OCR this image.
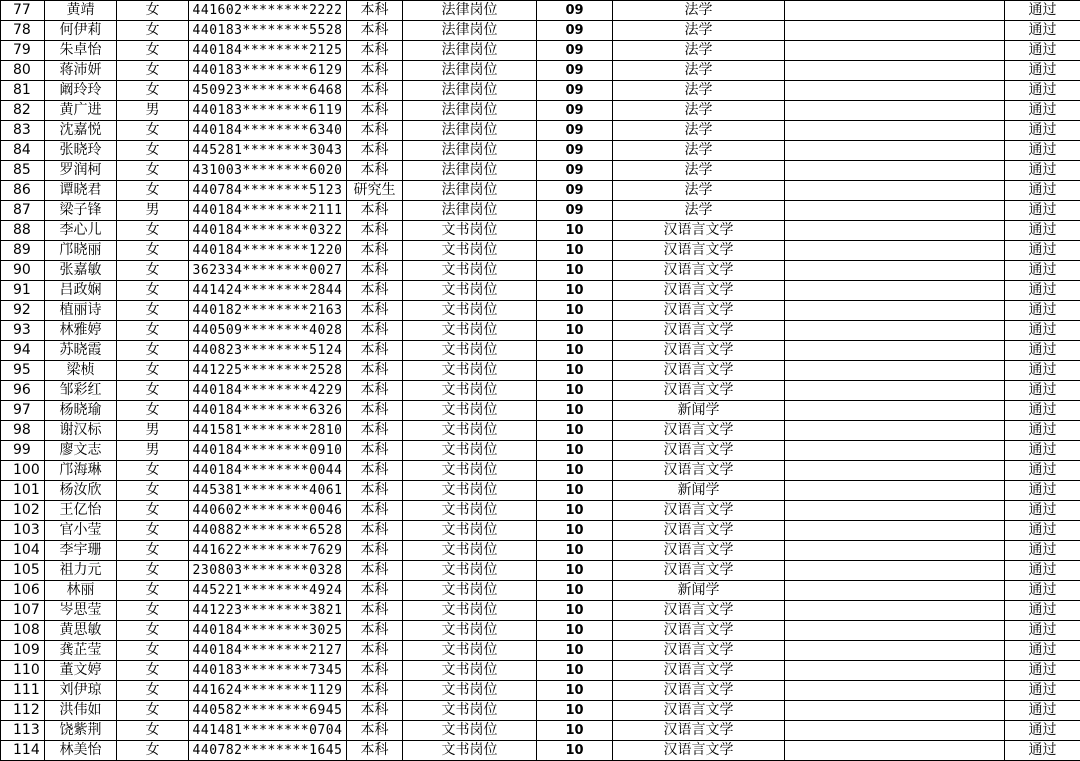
77	黄靖	女	441602********2222	本科	法律岗位	09	法学		通过
78	何伊莉	女	440183********5528	本科	法律岗位	09	法学		通过
79	朱卓怡	女	440184********2125	本科	法律岗位	09	法学		通过
80	蒋沛妍	女	440183********6129	本科	法律岗位	09	法学		通过
81	阚玲玲	女	450923********6468	本科	法律岗位	09	法学		通过
82	黄广进	男	440183********6119	本科	法律岗位	09	法学		通过
83	沈嘉悦	女	440184********6340	本科	法律岗位	09	法学		通过
84	张晓玲	女	445281********3043	本科	法律岗位	09	法学		通过
85	罗润柯	女	431003********6020	本科	法律岗位	09	法学		通过
86	谭晓君	女	440784********5123	研究生	法律岗位	09	法学		通过
87	梁子锋	男	440184********2111	本科	法律岗位	09	法学		通过
88	李心儿	女	440184********0322	本科	文书岗位	10	汉语言文学		通过
89	邝晓丽	女	440184********1220	本科	文书岗位	10	汉语言文学		通过
90	张嘉敏	女	362334********0027	本科	文书岗位	10	汉语言文学		通过
91	吕政娴	女	441424********2844	本科	文书岗位	10	汉语言文学		通过
92	植丽诗	女	440182********2163	本科	文书岗位	10	汉语言文学		通过
93	林雅婷	女	440509********4028	本科	文书岗位	10	汉语言文学		通过
94	苏晓霞	女	440823********5124	本科	文书岗位	10	汉语言文学		通过
95	梁桢	女	441225********2528	本科	文书岗位	10	汉语言文学		通过
96	邹彩红	女	440184********4229	本科	文书岗位	10	汉语言文学		通过
97	杨晓瑜	女	440184********6326	本科	文书岗位	10	新闻学		通过
98	谢汉标	男	441581********2810	本科	文书岗位	10	汉语言文学		通过
99	廖文志	男	440184********0910	本科	文书岗位	10	汉语言文学		通过
100	邝海琳	女	440184********0044	本科	文书岗位	10	汉语言文学		通过
101	杨汝欣	女	445381********4061	本科	文书岗位	10	新闻学		通过
102	王亿怡	女	440602********0046	本科	文书岗位	10	汉语言文学		通过
103	官小莹	女	440882********6528	本科	文书岗位	10	汉语言文学		通过
104	李宇珊	女	441622********7629	本科	文书岗位	10	汉语言文学		通过
105	祖力元	女	230803********0328	本科	文书岗位	10	汉语言文学		通过
106	林丽	女	445221********4924	本科	文书岗位	10	新闻学		通过
107	岑思莹	女	441223********3821	本科	文书岗位	10	汉语言文学		通过
108	黄思敏	女	440184********3025	本科	文书岗位	10	汉语言文学		通过
109	龚芷莹	女	440184********2127	本科	文书岗位	10	汉语言文学		通过
110	董文婷	女	440183********7345	本科	文书岗位	10	汉语言文学		通过
111	刘伊琼	女	441624********1129	本科	文书岗位	10	汉语言文学		通过
112	洪伟如	女	440582********6945	本科	文书岗位	10	汉语言文学		通过
113	饶紫荆	女	441481********0704	本科	文书岗位	10	汉语言文学		通过
114	林美怡	女	440782********1645	本科	文书岗位	10	汉语言文学		通过
